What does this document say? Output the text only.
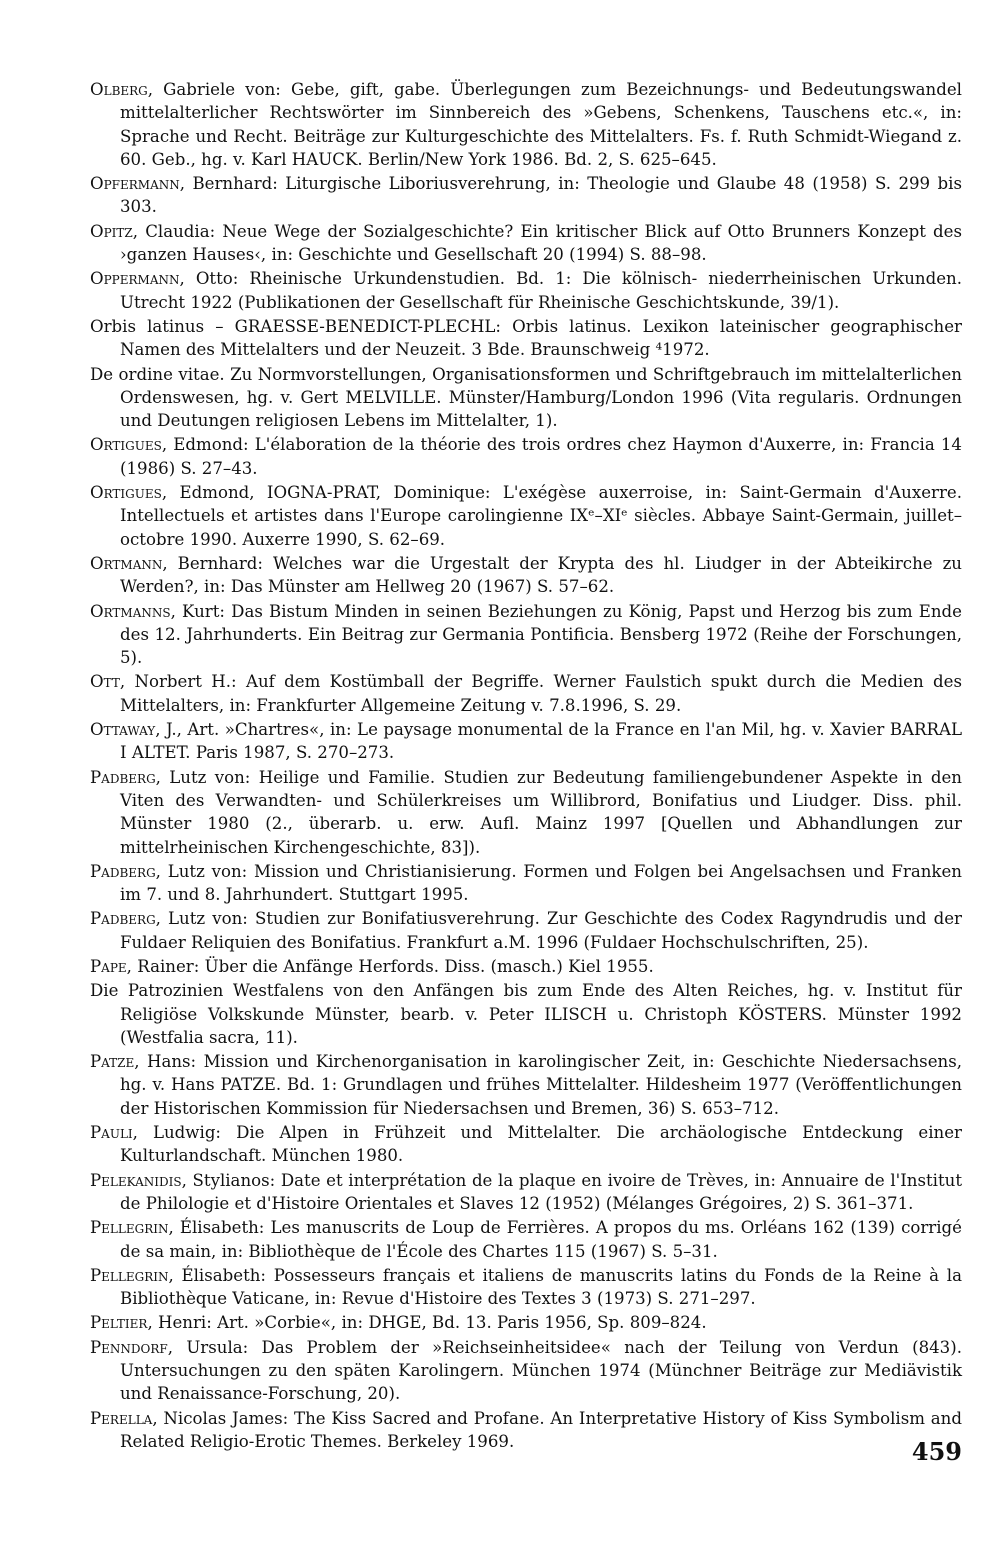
Olberg, Gabriele von: Gebe, gift, gabe. Überlegungen zum Bezeichnungs- und Bedeutungswandel mittelalterlicher Rechtswörter im Sinnbereich des »Gebens, Schenkens, Tauschens etc.«, in: Sprache und Recht. Beiträge zur Kulturgeschichte des Mittelalters. Fs. f. Ruth Schmidt-Wiegand z. 60. Geb., hg. v. Karl HAUCK. Berlin/New York 1986. Bd. 2, S. 625–645.

Opfermann, Bernhard: Liturgische Liboriusverehrung, in: Theologie und Glaube 48 (1958) S. 299 bis 303.

Opitz, Claudia: Neue Wege der Sozialgeschichte? Ein kritischer Blick auf Otto Brunners Konzept des ›ganzen Hauses‹, in: Geschichte und Gesellschaft 20 (1994) S. 88–98.

Oppermann, Otto: Rheinische Urkundenstudien. Bd. 1: Die kölnisch- niederrheinischen Urkunden. Utrecht 1922 (Publikationen der Gesellschaft für Rheinische Geschichtskunde, 39/1).

Orbis latinus – GRAESSE-BENEDICT-PLECHL: Orbis latinus. Lexikon lateinischer geographischer Namen des Mittelalters und der Neuzeit. 3 Bde. Braunschweig ⁴1972.

De ordine vitae. Zu Normvorstellungen, Organisationsformen und Schriftgebrauch im mittelalterlichen Ordenswesen, hg. v. Gert MELVILLE. Münster/Hamburg/London 1996 (Vita regularis. Ordnungen und Deutungen religiosen Lebens im Mittelalter, 1).

Ortigues, Edmond: L'élaboration de la théorie des trois ordres chez Haymon d'Auxerre, in: Francia 14 (1986) S. 27–43.

Ortigues, Edmond, IOGNA-PRAT, Dominique: L'exégèse auxerroise, in: Saint-Germain d'Auxerre. Intellectuels et artistes dans l'Europe carolingienne IXᵉ–XIᵉ siècles. Abbaye Saint-Germain, juillet–octobre 1990. Auxerre 1990, S. 62–69.

Ortmann, Bernhard: Welches war die Urgestalt der Krypta des hl. Liudger in der Abteikirche zu Werden?, in: Das Münster am Hellweg 20 (1967) S. 57–62.

Ortmanns, Kurt: Das Bistum Minden in seinen Beziehungen zu König, Papst und Herzog bis zum Ende des 12. Jahrhunderts. Ein Beitrag zur Germania Pontificia. Bensberg 1972 (Reihe der Forschungen, 5).

Ott, Norbert H.: Auf dem Kostümball der Begriffe. Werner Faulstich spukt durch die Medien des Mittelalters, in: Frankfurter Allgemeine Zeitung v. 7.8.1996, S. 29.

Ottaway, J., Art. »Chartres«, in: Le paysage monumental de la France en l'an Mil, hg. v. Xavier BARRAL I ALTET. Paris 1987, S. 270–273.

Padberg, Lutz von: Heilige und Familie. Studien zur Bedeutung familiengebundener Aspekte in den Viten des Verwandten- und Schülerkreises um Willibrord, Bonifatius und Liudger. Diss. phil. Münster 1980 (2., überarb. u. erw. Aufl. Mainz 1997 [Quellen und Abhandlungen zur mittelrheinischen Kirchengeschichte, 83]).

Padberg, Lutz von: Mission und Christianisierung. Formen und Folgen bei Angelsachsen und Franken im 7. und 8. Jahrhundert. Stuttgart 1995.

Padberg, Lutz von: Studien zur Bonifatiusverehrung. Zur Geschichte des Codex Ragyndrudis und der Fuldaer Reliquien des Bonifatius. Frankfurt a.M. 1996 (Fuldaer Hochschulschriften, 25).

Pape, Rainer: Über die Anfänge Herfords. Diss. (masch.) Kiel 1955.

Die Patrozinien Westfalens von den Anfängen bis zum Ende des Alten Reiches, hg. v. Institut für Religiöse Volkskunde Münster, bearb. v. Peter ILISCH u. Christoph KÖSTERS. Münster 1992 (Westfalia sacra, 11).

Patze, Hans: Mission und Kirchenorganisation in karolingischer Zeit, in: Geschichte Niedersachsens, hg. v. Hans PATZE. Bd. 1: Grundlagen und frühes Mittelalter. Hildesheim 1977 (Veröffentlichungen der Historischen Kommission für Niedersachsen und Bremen, 36) S. 653–712.

Pauli, Ludwig: Die Alpen in Frühzeit und Mittelalter. Die archäologische Entdeckung einer Kulturlandschaft. München 1980.

Pelekanidis, Stylianos: Date et interprétation de la plaque en ivoire de Trèves, in: Annuaire de l'Institut de Philologie et d'Histoire Orientales et Slaves 12 (1952) (Mélanges Grégoires, 2) S. 361–371.

Pellegrin, Élisabeth: Les manuscrits de Loup de Ferrières. A propos du ms. Orléans 162 (139) corrigé de sa main, in: Bibliothèque de l'École des Chartes 115 (1967) S. 5–31.

Pellegrin, Élisabeth: Possesseurs français et italiens de manuscrits latins du Fonds de la Reine à la Bibliothèque Vaticane, in: Revue d'Histoire des Textes 3 (1973) S. 271–297.

Peltier, Henri: Art. »Corbie«, in: DHGE, Bd. 13. Paris 1956, Sp. 809–824.

Penndorf, Ursula: Das Problem der »Reichseinheitsidee« nach der Teilung von Verdun (843). Untersuchungen zu den späten Karolingern. München 1974 (Münchner Beiträge zur Mediävistik und Renaissance-Forschung, 20).

Perella, Nicolas James: The Kiss Sacred and Profane. An Interpretative History of Kiss Symbolism and Related Religio-Erotic Themes. Berkeley 1969.	459
